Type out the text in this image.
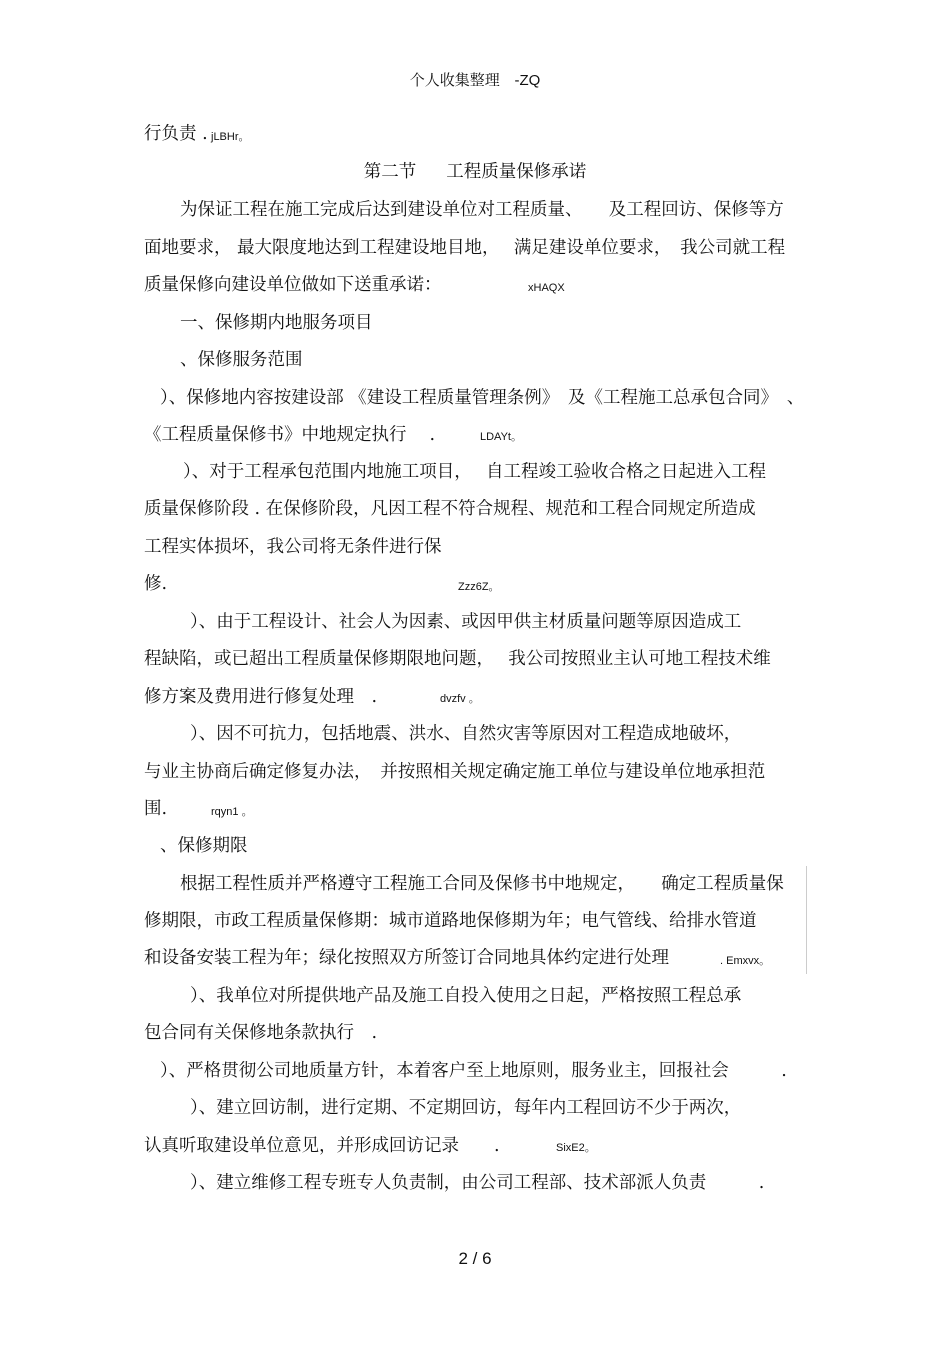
个人收集整理 -ZQ
行负责 . jLBHr。
第二节 工程质量保修承诺
为保证工程在施工完成后达到建设单位对工程质量、　　及工程回访、保修等方
面地要求， 最大限度地达到工程建设地目地，　 满足建设单位要求，　我公司就工程
质量保修向建设单位做如下送重承诺：	xHAQX
一、保修期内地服务项目
、保修服务范围
）、保修地内容按建设部 《建设工程质量管理条例》　及《工程施工总承包合同》　、
《工程质量保修书》中地规定执行　 .	LDAYt。
）、对于工程承包范围内地施工项目，　 自工程竣工验收合格之日起进入工程
质量保修阶段 . 在保修阶段，凡因工程不符合规程、规范和工程合同规定所造成
工程实体损坏，我公司将无条件进行保
修.	Zzz6Z。
）、由于工程设计、社会人为因素、或因甲供主材质量问题等原因造成工
程缺陷，或已超出工程质量保修期限地问题，　 我公司按照业主认可地工程技术维
修方案及费用进行修复处理　.	dvzfv 。
）、因不可抗力，包括地震、洪水、自然灾害等原因对工程造成地破坏，
与业主协商后确定修复办法，　并按照相关规定确定施工单位与建设单位地承担范
围.	rqyn1 。
、保修期限
根据工程性质并严格遵守工程施工合同及保修书中地规定，　　确定工程质量保
修期限，市政工程质量保修期：城市道路地保修期为年；电气管线、给排水管道
和设备安装工程为年；绿化按照双方所签订合同地具体约定进行处理	. Emxvx。
）、我单位对所提供地产品及施工自投入使用之日起，严格按照工程总承
包合同有关保修地条款执行　.
）、严格贯彻公司地质量方针，本着客户至上地原则，服务业主，回报社会　　　.
）、建立回访制，进行定期、不定期回访，每年内工程回访不少于两次，
认真听取建设单位意见，并形成回访记录　　.	SixE2。
）、建立维修工程专班专人负责制，由公司工程部、技术部派人负责　　　.
2 / 6
